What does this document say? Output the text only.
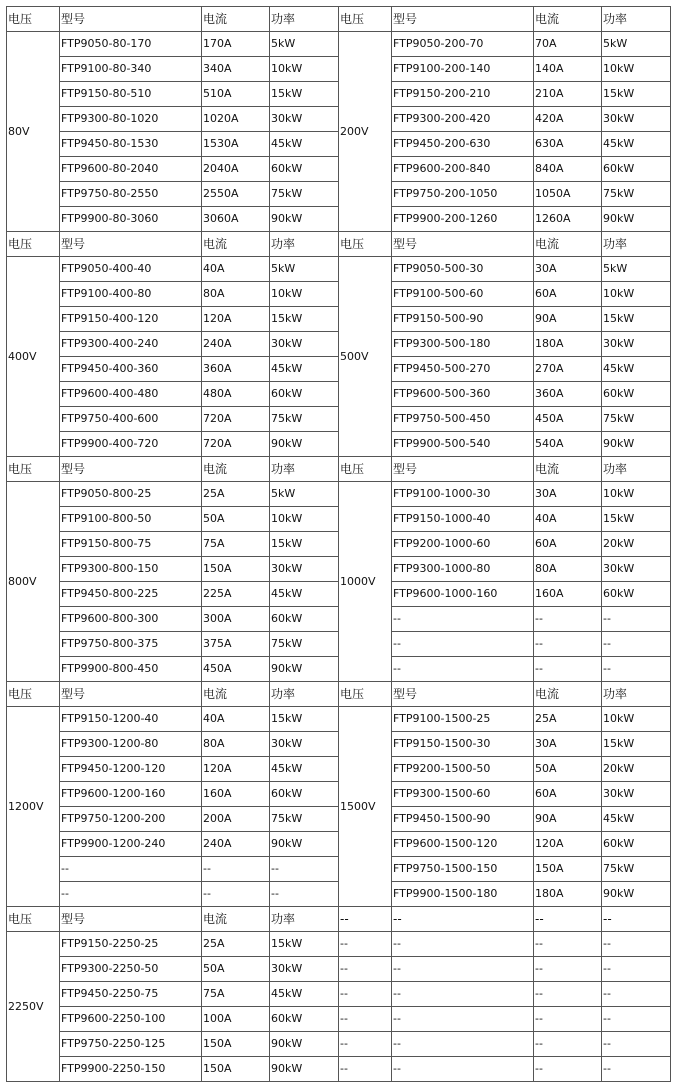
电压	型号	电流	功率	电压	型号	电流	功率
80V	FTP9050-80-170	170A	5kW	200V	FTP9050-200-70	70A	5kW
	FTP9100-80-340	340A	10kW		FTP9100-200-140	140A	10kW
	FTP9150-80-510	510A	15kW		FTP9150-200-210	210A	15kW
	FTP9300-80-1020	1020A	30kW		FTP9300-200-420	420A	30kW
	FTP9450-80-1530	1530A	45kW		FTP9450-200-630	630A	45kW
	FTP9600-80-2040	2040A	60kW		FTP9600-200-840	840A	60kW
	FTP9750-80-2550	2550A	75kW		FTP9750-200-1050	1050A	75kW
	FTP9900-80-3060	3060A	90kW		FTP9900-200-1260	1260A	90kW
电压	型号	电流	功率	电压	型号	电流	功率
400V	FTP9050-400-40	40A	5kW	500V	FTP9050-500-30	30A	5kW
	FTP9100-400-80	80A	10kW		FTP9100-500-60	60A	10kW
	FTP9150-400-120	120A	15kW		FTP9150-500-90	90A	15kW
	FTP9300-400-240	240A	30kW		FTP9300-500-180	180A	30kW
	FTP9450-400-360	360A	45kW		FTP9450-500-270	270A	45kW
	FTP9600-400-480	480A	60kW		FTP9600-500-360	360A	60kW
	FTP9750-400-600	720A	75kW		FTP9750-500-450	450A	75kW
	FTP9900-400-720	720A	90kW		FTP9900-500-540	540A	90kW
电压	型号	电流	功率	电压	型号	电流	功率
800V	FTP9050-800-25	25A	5kW	1000V	FTP9100-1000-30	30A	10kW
	FTP9100-800-50	50A	10kW		FTP9150-1000-40	40A	15kW
	FTP9150-800-75	75A	15kW		FTP9200-1000-60	60A	20kW
	FTP9300-800-150	150A	30kW		FTP9300-1000-80	80A	30kW
	FTP9450-800-225	225A	45kW		FTP9600-1000-160	160A	60kW
	FTP9600-800-300	300A	60kW		--	--	--
	FTP9750-800-375	375A	75kW		--	--	--
	FTP9900-800-450	450A	90kW		--	--	--
电压	型号	电流	功率	电压	型号	电流	功率
1200V	FTP9150-1200-40	40A	15kW	1500V	FTP9100-1500-25	25A	10kW
	FTP9300-1200-80	80A	30kW		FTP9150-1500-30	30A	15kW
	FTP9450-1200-120	120A	45kW		FTP9200-1500-50	50A	20kW
	FTP9600-1200-160	160A	60kW		FTP9300-1500-60	60A	30kW
	FTP9750-1200-200	200A	75kW		FTP9450-1500-90	90A	45kW
	FTP9900-1200-240	240A	90kW		FTP9600-1500-120	120A	60kW
	--	--	--		FTP9750-1500-150	150A	75kW
	--	--	--		FTP9900-1500-180	180A	90kW
电压	型号	电流	功率	--	--	--	--
2250V	FTP9150-2250-25	25A	15kW	--	--	--	--
	FTP9300-2250-50	50A	30kW	--	--	--	--
	FTP9450-2250-75	75A	45kW	--	--	--	--
	FTP9600-2250-100	100A	60kW	--	--	--	--
	FTP9750-2250-125	150A	90kW	--	--	--	--
	FTP9900-2250-150	150A	90kW	--	--	--	--
